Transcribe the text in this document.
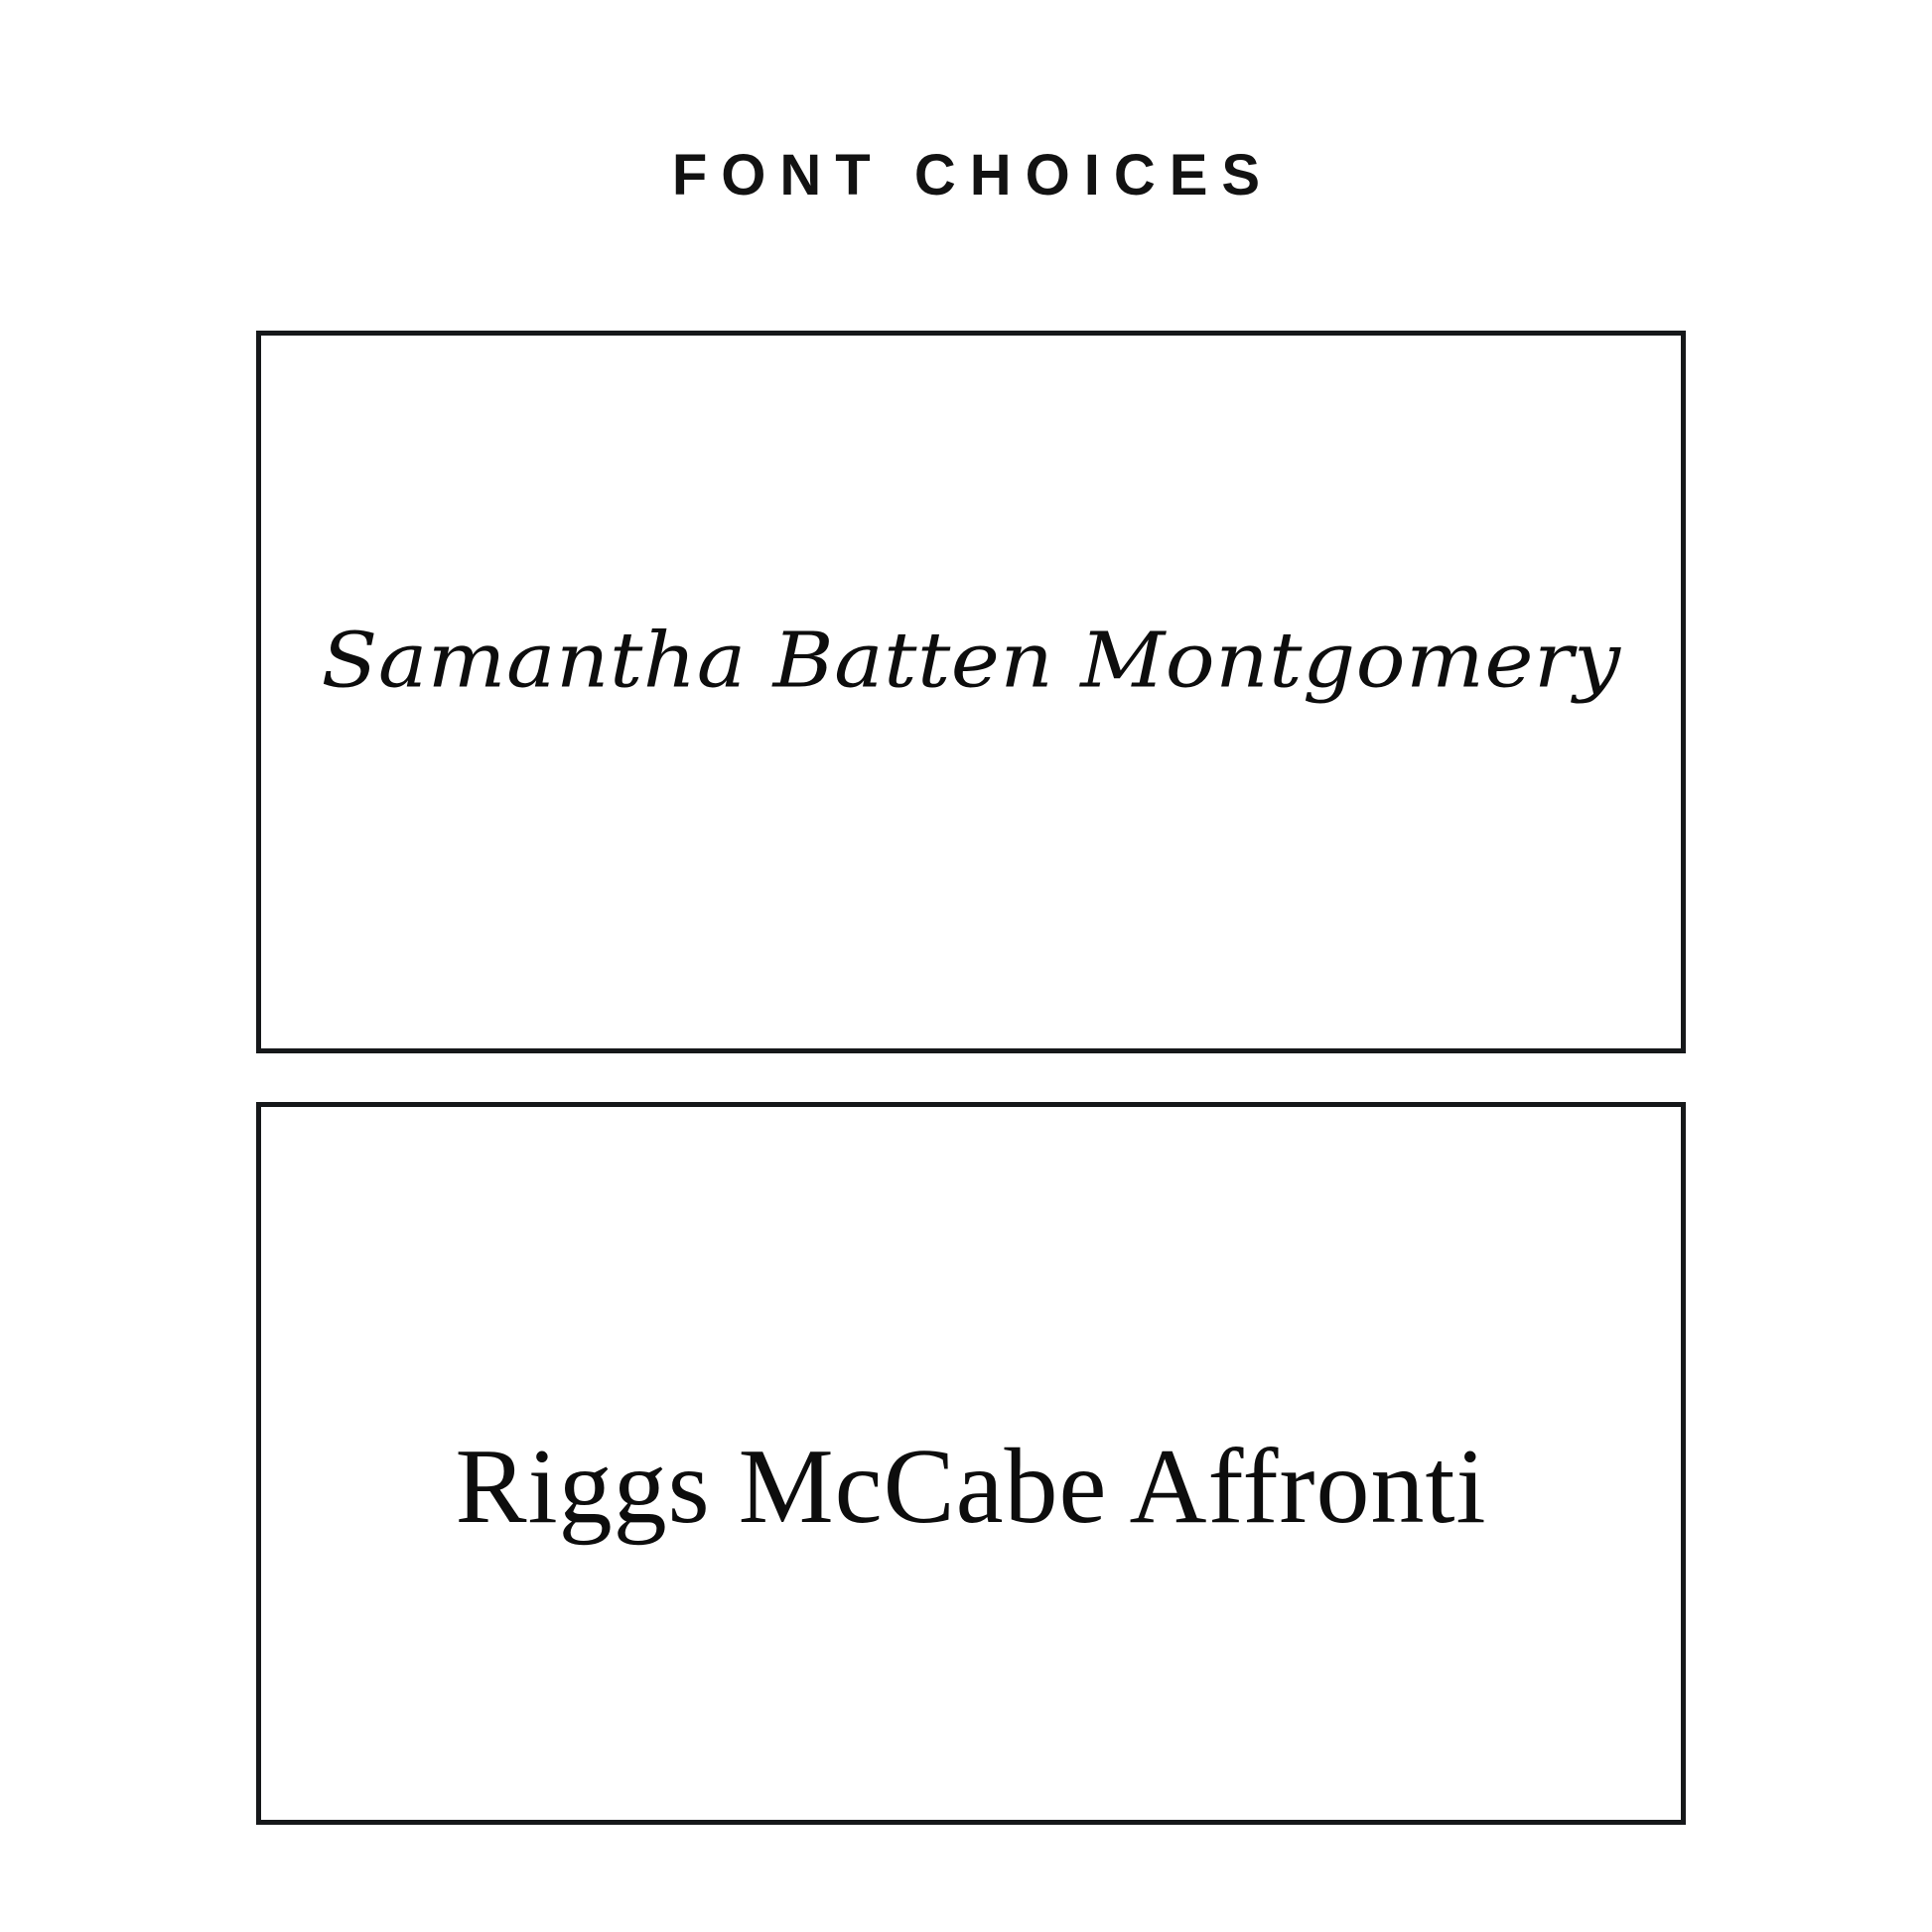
FONT CHOICES
Samantha Batten Montgomery
Riggs McCabe Affronti
